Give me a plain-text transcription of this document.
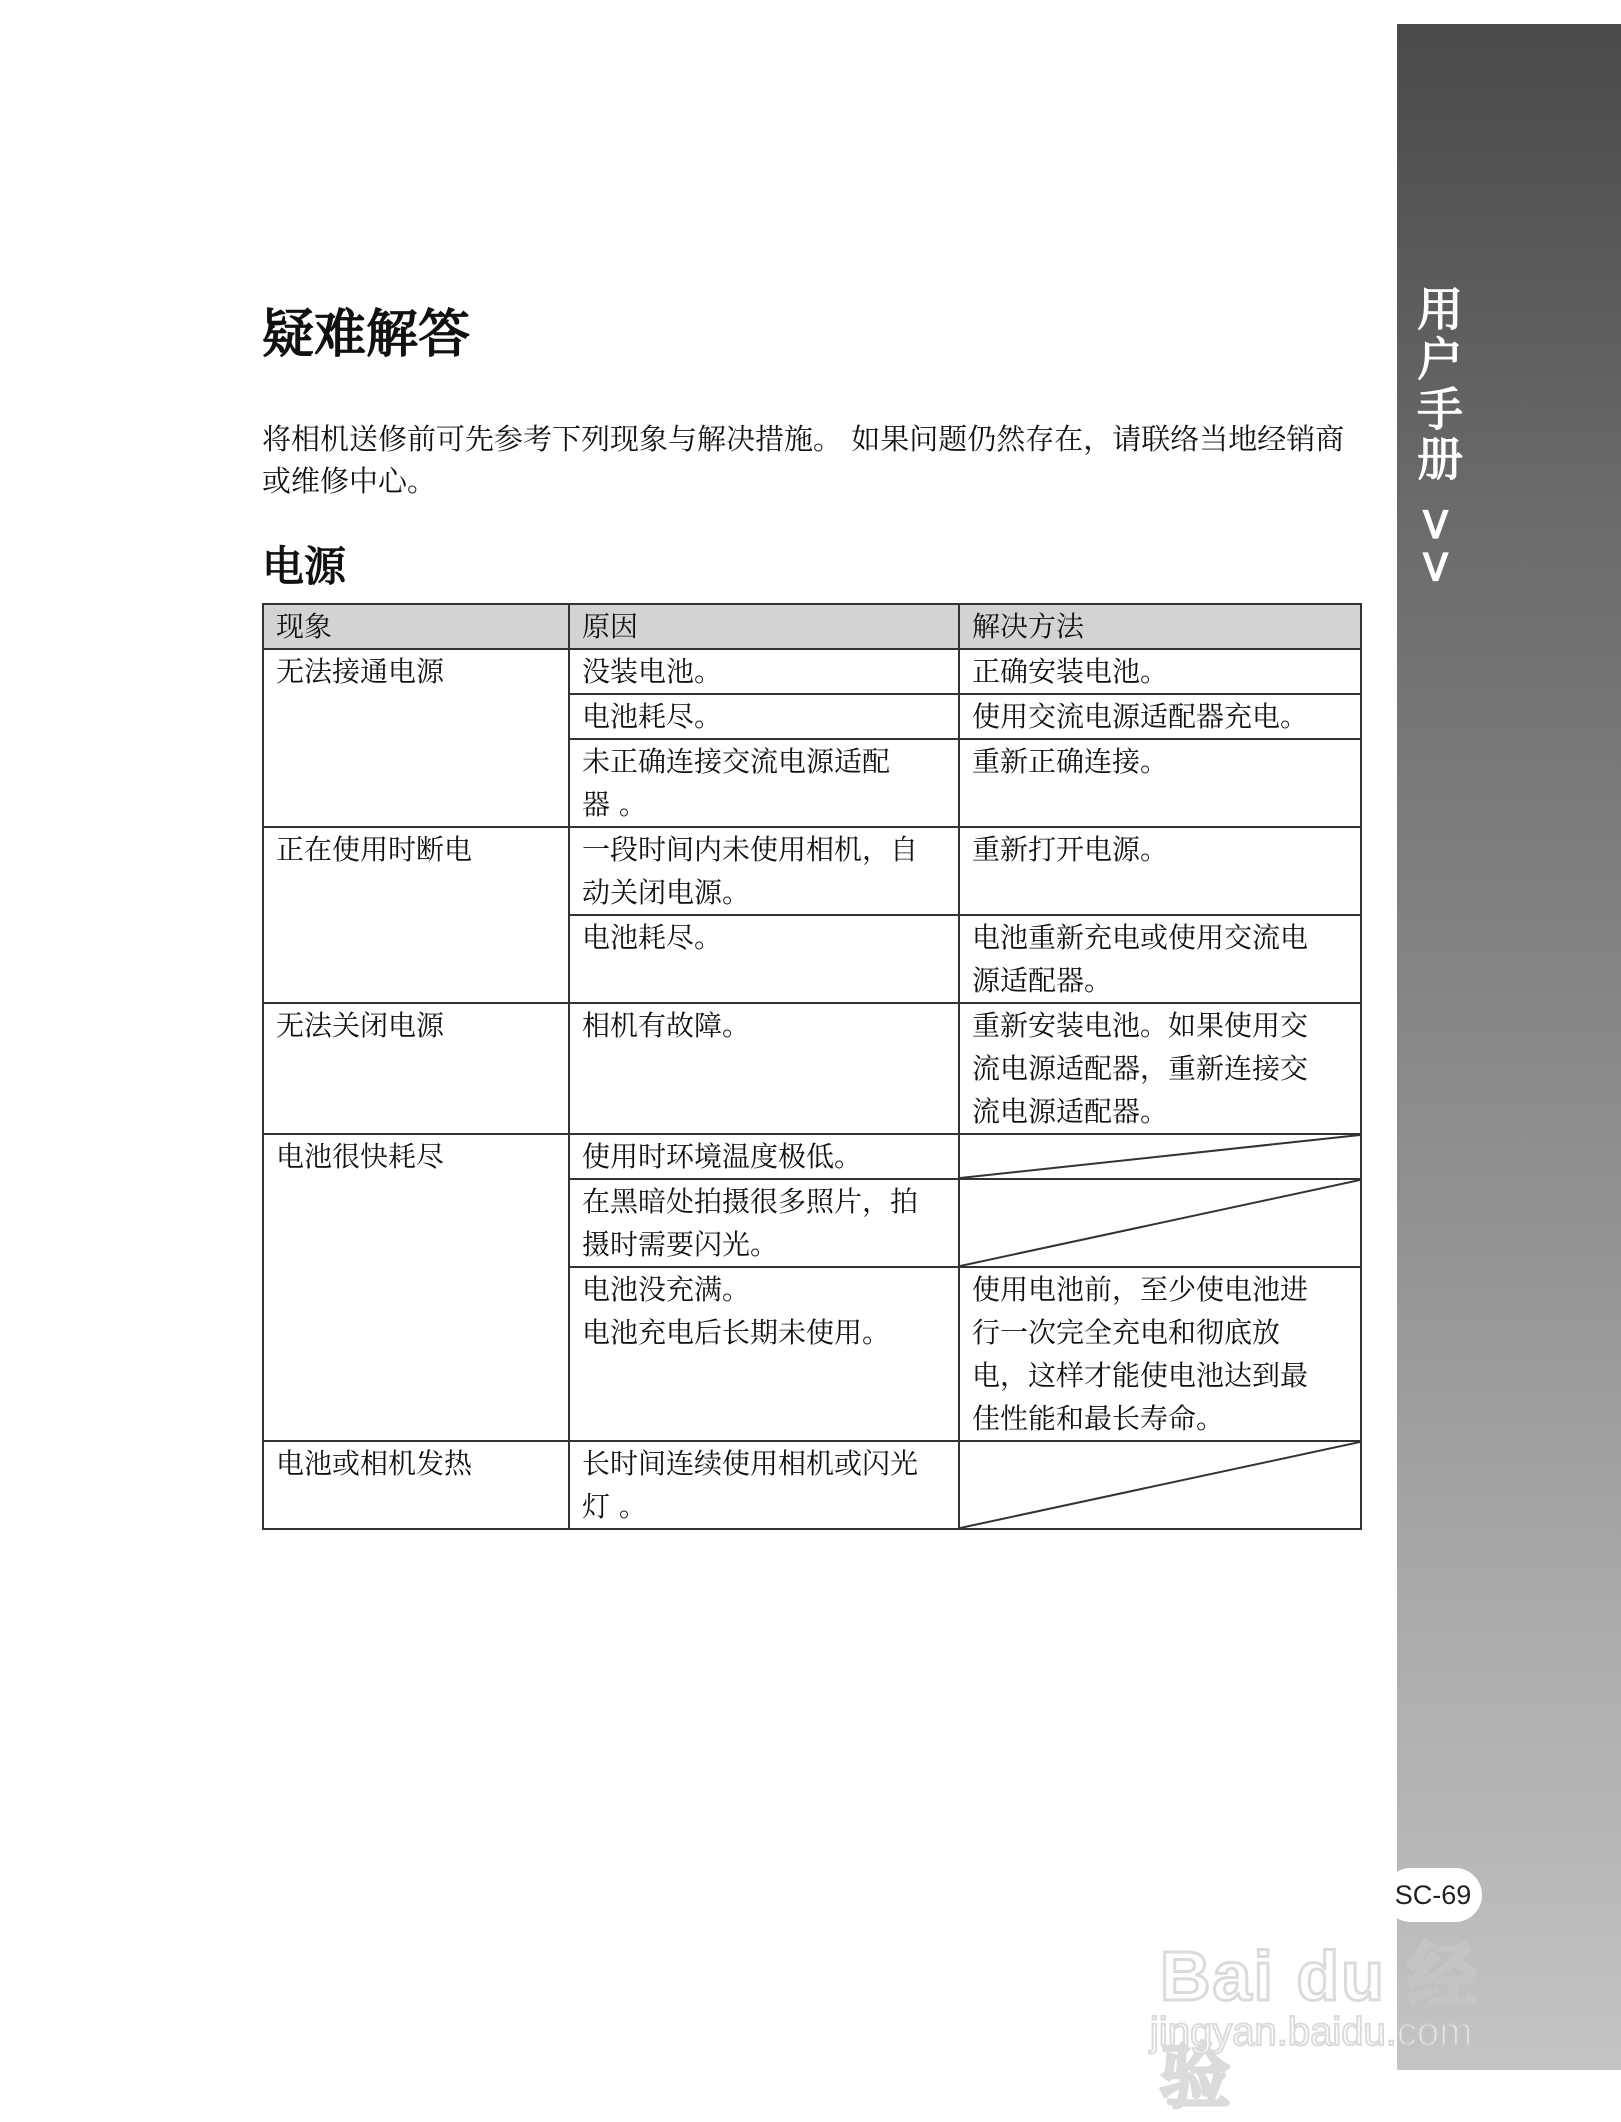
用户手册 >>
Bai du 经验
jingyan.baidu.com
SC-69
疑难解答

将相机送修前可先参考下列现象与解决措施。 如果问题仍然存在，请联络当地经销商或维修中心。

电源
现象	原因	解决方法
无法接通电源	没装电池。	正确安装电池。

	电池耗尽。	使用交流电源适配器充电。

	未正确连接交流电源适配
器 。	重新正确连接。

正在使用时断电	一段时间内未使用相机，自
动关闭电源。	重新打开电源。

	电池耗尽。	电池重新充电或使用交流电
源适配器。

无法关闭电源	相机有故障。	重新安装电池。如果使用交
流电源适配器，重新连接交
流电源适配器。

电池很快耗尽	使用时环境温度极低。

	在黑暗处拍摄很多照片，拍
摄时需要闪光。

	电池没充满。
电池充电后长期未使用。	使用电池前，至少使电池进
行一次完全充电和彻底放
电，这样才能使电池达到最
佳性能和最长寿命。

电池或相机发热	长时间连续使用相机或闪光
灯 。
